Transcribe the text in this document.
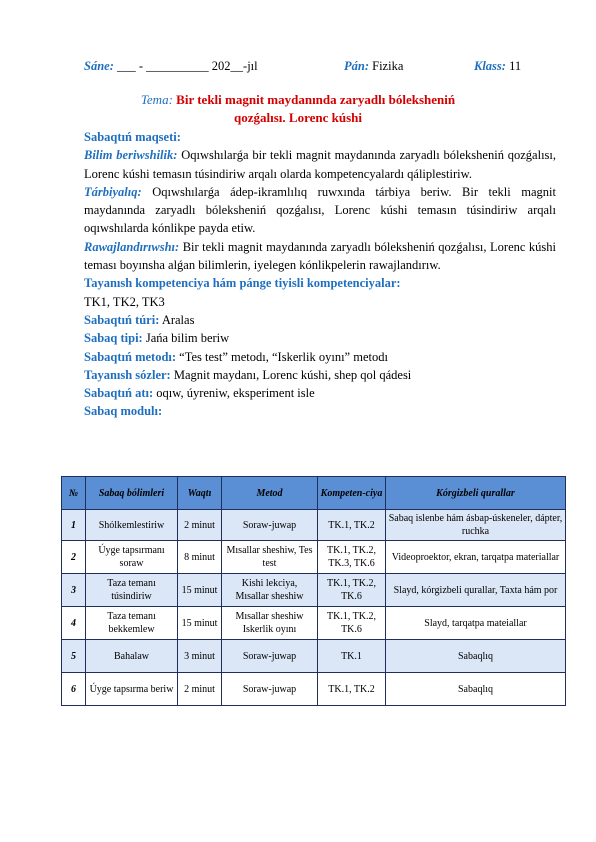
Sáne: ___ - __________ 202__-jıl	Pán: Fizika	Klass: 11
Tema: Bir tekli magnit maydanında zaryadlı bólekshenіń
qozǵalısı. Lorenc kúshi

Sabaqtıń maqseti:

Bilim beriwshilik: Oqıwshılarǵa bir tekli magnit maydanında zaryadlı bólekshenіń qozǵalısı, Lorenc kúshi temasın túsindiriw arqalı olarda kompetencyalardı qáliplestiriw.

Tárbiyalıq: Oqıwshılarǵa ádep-ikramlılıq ruwxında tárbiya beriw. Bir tekli magnit maydanında zaryadlı bólekshenіń qozǵalısı, Lorenc kúshi temasın túsindiriw arqalı oqıwshılarda kónlikpe payda etiw.

Rawajlandırıwshı: Bir tekli magnit maydanında zaryadlı bólekshenіń qozǵalısı, Lorenc kúshi teması boyınsha alǵan bilimlerin, iyelegen kónlikpelerin rawajlandırıw.

Tayanısh kompetenciya hám pánge tiyisli kompetenciyalar:

TK1, TK2, TK3

Sabaqtıń túri: Aralas

Sabaq tipi: Jańa bilim beriw

Sabaqtıń metodı: “Tes test” metodı, “Iskerlik oyını” metodı

Tayanısh sózler: Magnit maydanı, Lorenc kúshi, shep qol qádesi

Sabaqtıń atı: oqıw, úyreniw, eksperiment isle

Sabaq modulı:

№	Sabaq bólimleri	Waqtı	Metod	Kompeten-ciya	Kórgizbeli qurallar
1	Shólkemlestiriw	2 minut	Soraw-juwap	TK.1, TK.2	Sabaq islenbe hám ásbap-úskeneler, dápter, ruchka
2	Úyge tapsırmanı soraw	8 minut	Mısallar sheshiw, Tes test	TK.1, TK.2, TK.3, TK.6	Videoproektor, ekran, tarqatpa materiallar
3	Taza temanı túsindiriw	15 minut	Kishi lekciya, Mısallar sheshiw	TK.1, TK.2, TK.6	Slayd, kórgizbeli qurallar, Taxta hám por
4	Taza temanı bekkemlew	15 minut	Mısallar sheshiw Iskerlik oyını	TK.1, TK.2, TK.6	Slayd, tarqatpa mateiallar
5	Bahalaw	3 minut	Soraw-juwap	TK.1	Sabaqlıq
6	Úyge tapsırma beriw	2 minut	Soraw-juwap	TK.1, TK.2	Sabaqlıq
